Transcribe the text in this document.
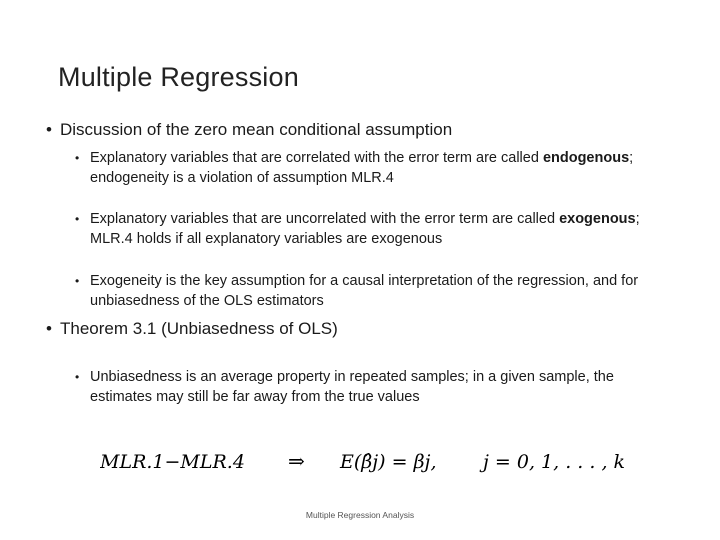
Multiple Regression
• Discussion of the zero mean conditional assumption
• Explanatory variables that are correlated with the error term are called endogenous; endogeneity is a violation of assumption MLR.4
• Explanatory variables that are uncorrelated with the error term are called exogenous; MLR.4 holds if all explanatory variables are exogenous
• Exogeneity is the key assumption for a causal interpretation of the regression, and for unbiasedness of the OLS estimators
• Theorem 3.1 (Unbiasedness of OLS)
• Unbiasedness is an average property in repeated samples; in a given sample, the estimates may still be far away from the true values
MLR.1−MLR.4 ⇒ E(β̂j) = βj, j = 0, 1, . . . , k
Multiple Regression Analysis
